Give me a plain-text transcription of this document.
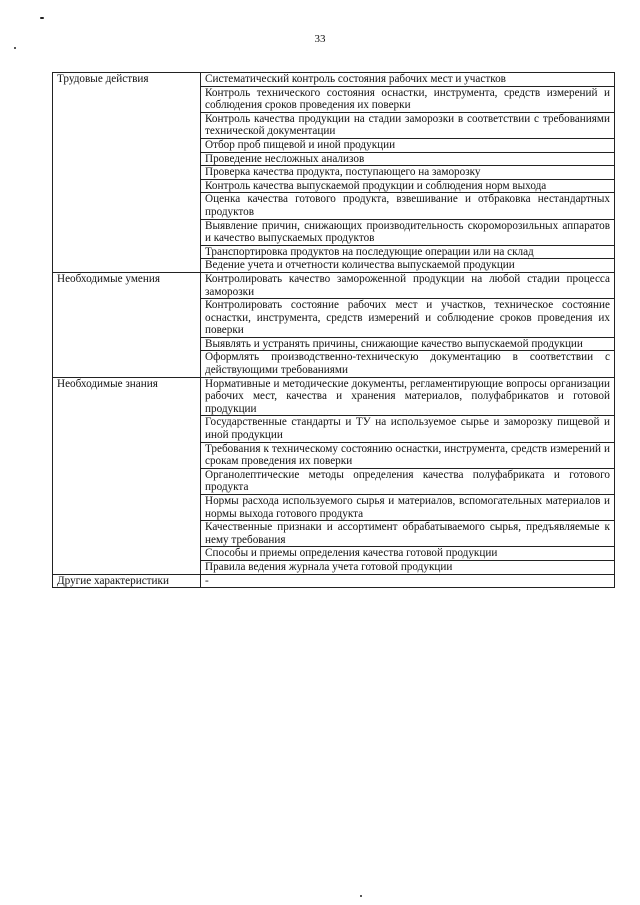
33
Трудовые действия	Систематический контроль состояния рабочих мест и участков
	Контроль технического состояния оснастки, инструмента, средств измерений и соблюдения сроков проведения их поверки
	Контроль качества продукции на стадии заморозки в соответствии с требованиями технической документации
	Отбор проб пищевой и иной продукции
	Проведение несложных анализов
	Проверка качества продукта, поступающего на заморозку
	Контроль качества выпускаемой продукции и соблюдения норм выхода
	Оценка качества готового продукта, взвешивание и отбраковка нестандартных продуктов
	Выявление причин, снижающих производительность скороморозильных аппаратов и качество выпускаемых продуктов
	Транспортировка продуктов на последующие операции или на склад
	Ведение учета и отчетности количества выпускаемой продукции
Необходимые умения	Контролировать качество замороженной продукции на любой стадии процесса заморозки
	Контролировать состояние рабочих мест и участков, техническое состояние оснастки, инструмента, средств измерений и соблюдение сроков проведения их поверки
	Выявлять и устранять причины, снижающие качество выпускаемой продукции
	Оформлять производственно-техническую документацию в соответствии с действующими требованиями
Необходимые знания	Нормативные и методические документы, регламентирующие вопросы организации рабочих мест, качества и хранения материалов, полуфабрикатов и готовой продукции
	Государственные стандарты и ТУ на используемое сырье и заморозку пищевой и иной продукции
	Требования к техническому состоянию оснастки, инструмента, средств измерений и срокам проведения их поверки
	Органолептические методы определения качества полуфабриката и готового продукта
	Нормы расхода используемого сырья и материалов, вспомогательных материалов и нормы выхода готового продукта
	Качественные признаки и ассортимент обрабатываемого сырья, предъявляемые к нему требования
	Способы и приемы определения качества готовой продукции
	Правила ведения журнала учета готовой продукции
Другие характеристики	-
